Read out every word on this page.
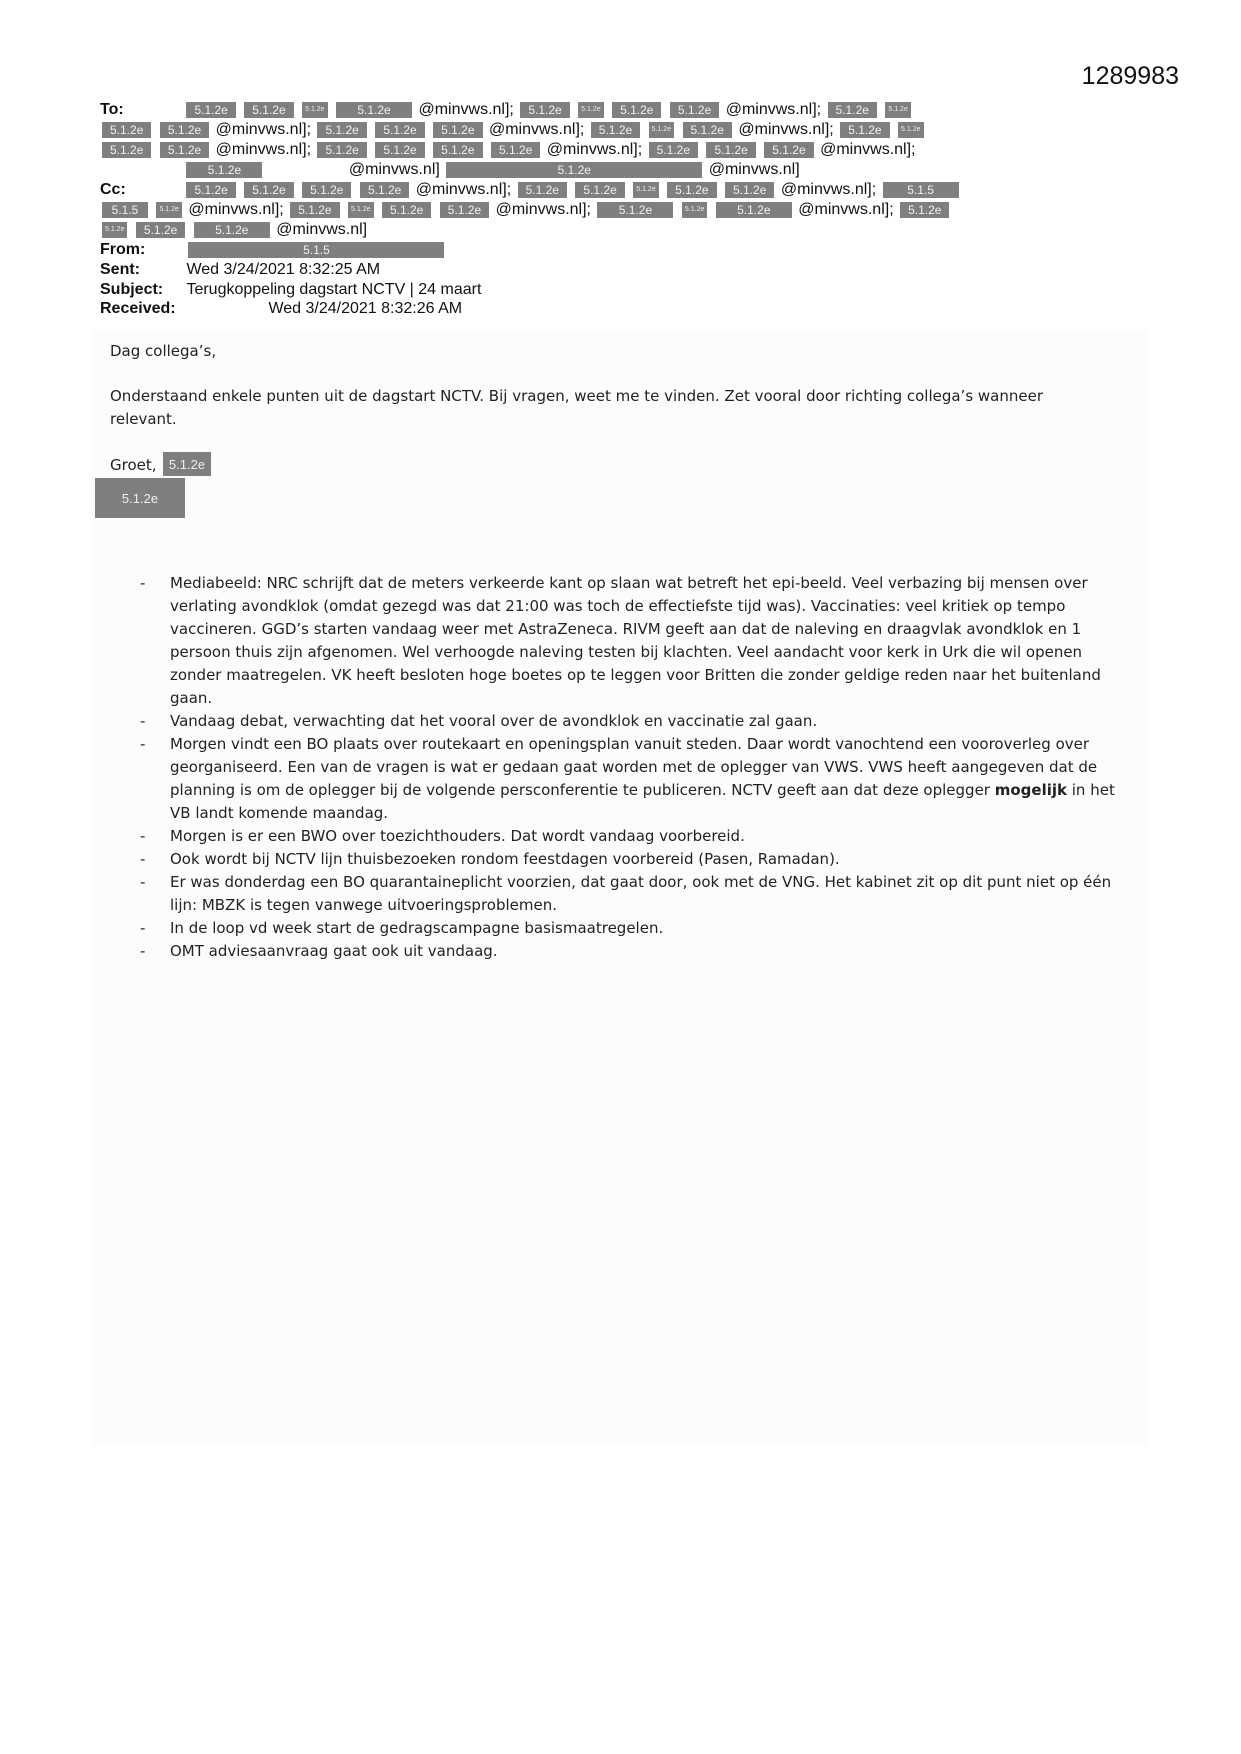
1289983
To:	5.1.2e 5.1.2e	5.1.2e	5.1.2e @minvws.nl]; 5.1.2e	5.1.2e 5.1.2e 5.1.2e @minvws.nl]; 5.1.2e	5.1.2e
5.1.2e 5.1.2e @minvws.nl]; 5.1.2e 5.1.2e 5.1.2e @minvws.nl]; 5.1.2e	5.1.2e 5.1.2e @minvws.nl]; 5.1.2e	5.1.2e
5.1.2e 5.1.2e @minvws.nl]; 5.1.2e 5.1.2e 5.1.2e 5.1.2e @minvws.nl]; 5.1.2e 5.1.2e 5.1.2e @minvws.nl];
5.1.2e	@minvws.nl]	5.1.2e	@minvws.nl]
Cc:	5.1.2e 5.1.2e 5.1.2e 5.1.2e @minvws.nl]; 5.1.2e 5.1.2e	5.1.2e 5.1.2e 5.1.2e @minvws.nl];	5.1.5
5.1.5	5.1.2e @minvws.nl]; 5.1.2e	5.1.2e 5.1.2e 5.1.2e @minvws.nl]; 5.1.2e	5.1.2e	5.1.2e @minvws.nl]; 5.1.2e
5.1.2e 5.1.2e	5.1.2e @minvws.nl]
From:	5.1.5
Sent:	Wed 3/24/2021 8:32:25 AM
Subject: Terugkoppeling dagstart NCTV | 24 maart
Received:	Wed 3/24/2021 8:32:26 AM
Dag collega’s,
Onderstaand enkele punten uit de dagstart NCTV. Bij vragen, weet me te vinden. Zet vooral door richting collega’s wanneer relevant.
Groet, 5.1.2e
5.1.2e
- Mediabeeld: NRC schrijft dat de meters verkeerde kant op slaan wat betreft het epi-beeld. Veel verbazing bij mensen over verlating avondklok (omdat gezegd was dat 21:00 was toch de effectiefste tijd was). Vaccinaties: veel kritiek op tempo vaccineren. GGD’s starten vandaag weer met AstraZeneca. RIVM geeft aan dat de naleving en draagvlak avondklok en 1 persoon thuis zijn afgenomen. Wel verhoogde naleving testen bij klachten. Veel aandacht voor kerk in Urk die wil openen zonder maatregelen. VK heeft besloten hoge boetes op te leggen voor Britten die zonder geldige reden naar het buitenland gaan.
- Vandaag debat, verwachting dat het vooral over de avondklok en vaccinatie zal gaan.
- Morgen vindt een BO plaats over routekaart en openingsplan vanuit steden. Daar wordt vanochtend een vooroverleg over georganiseerd. Een van de vragen is wat er gedaan gaat worden met de oplegger van VWS. VWS heeft aangegeven dat de planning is om de oplegger bij de volgende persconferentie te publiceren. NCTV geeft aan dat deze oplegger mogelijk in het VB landt komende maandag.
- Morgen is er een BWO over toezichthouders. Dat wordt vandaag voorbereid.
- Ook wordt bij NCTV lijn thuisbezoeken rondom feestdagen voorbereid (Pasen, Ramadan).
- Er was donderdag een BO quarantaineplicht voorzien, dat gaat door, ook met de VNG. Het kabinet zit op dit punt niet op één lijn: MBZK is tegen vanwege uitvoeringsproblemen.
- In de loop vd week start de gedragscampagne basismaatregelen.
- OMT adviesaanvraag gaat ook uit vandaag.
